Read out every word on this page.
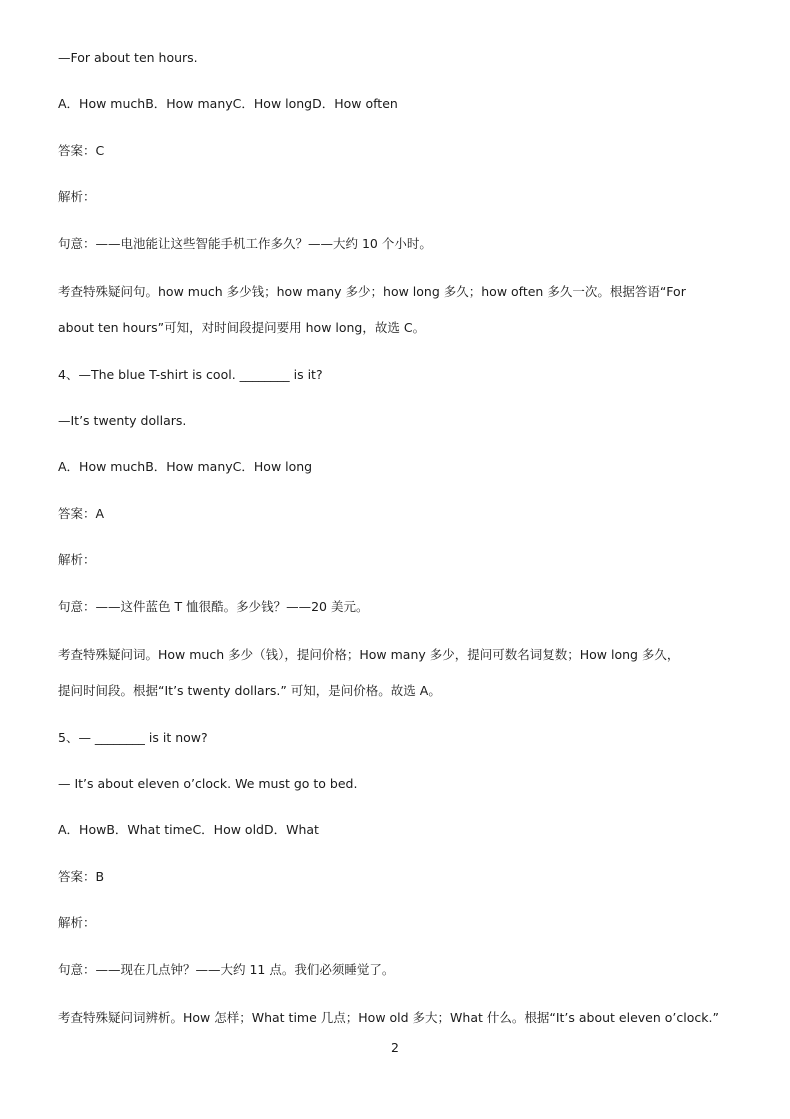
—For about ten hours.
A．How muchB．How manyC．How longD．How often
答案：C
解析：
句意：——电池能让这些智能手机工作多久？——大约 10 个小时。
考查特殊疑问句。how much 多少钱；how many 多少；how long 多久；how often 多久一次。根据答语“For
about ten hours”可知，对时间段提问要用 how long，故选 C。
4、—The blue T-shirt is cool. ________ is it?
—It’s twenty dollars.
A．How muchB．How manyC．How long
答案：A
解析：
句意：——这件蓝色 T 恤很酷。多少钱？——20 美元。
考查特殊疑问词。How much 多少（钱），提问价格；How many 多少，提问可数名词复数；How long 多久，
提问时间段。根据“It’s twenty dollars.” 可知，是问价格。故选 A。
5、— ________ is it now?
— It’s about eleven o’clock. We must go to bed.
A．HowB．What timeC．How oldD．What
答案：B
解析：
句意：——现在几点钟？——大约 11 点。我们必须睡觉了。
考查特殊疑问词辨析。How 怎样；What time 几点；How old 多大；What 什么。根据“It’s about eleven o’clock.”
2
